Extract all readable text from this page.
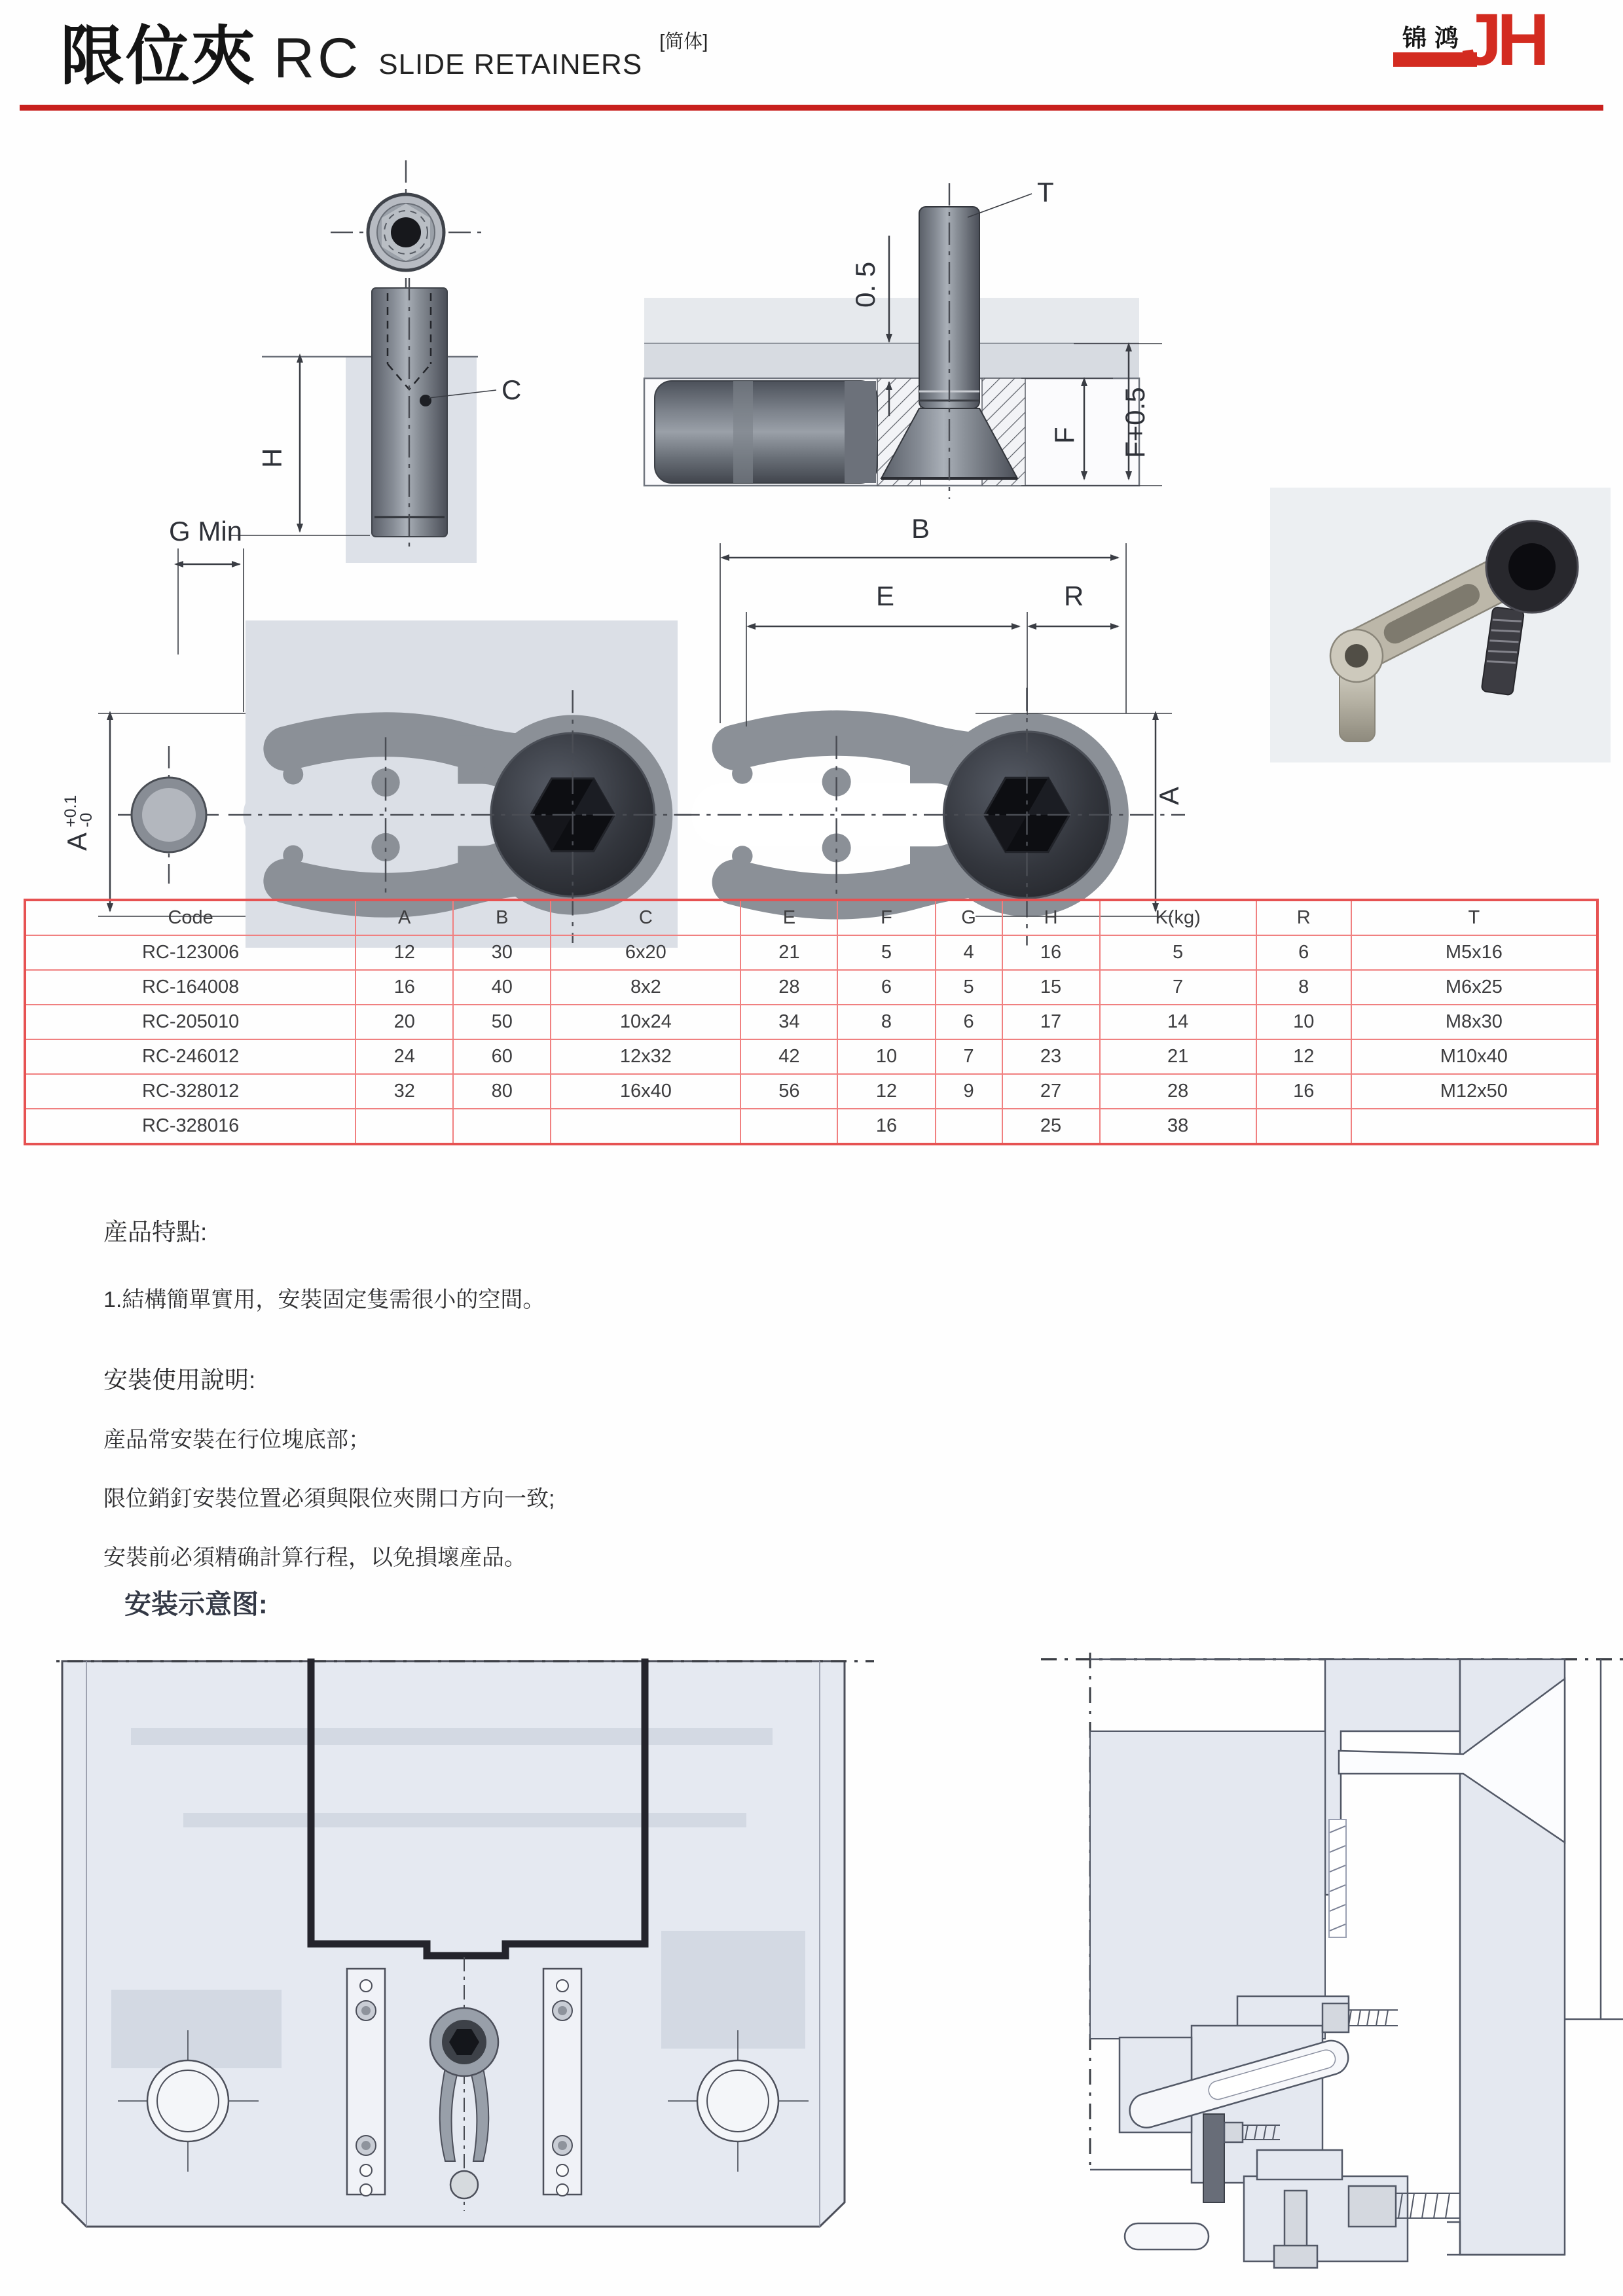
限位夾 RC SLIDE RETAINERS
[简体]	锦鸿
JH
H
C
0. 5
T
F F+0.5
G Min
A
+0.1
-0
B
E	R
A
Code	A	B	C	E	F	G	H	K(kg)	R	T
RC-123006	12	30	6x20	21	5	4	16	5	6	M5x16
RC-164008	16	40	8x2	28	6	5	15	7	8	M6x25
RC-205010	20	50	10x24	34	8	6	17	14	10	M8x30
RC-246012	24	60	12x32	42	10	7	23	21	12	M10x40
RC-328012	32	80	16x40	56	12	9	27	28	16	M12x50
RC-328016					16		25	38		
産品特點:
1.結構簡單實用，安裝固定隻需很小的空間。
安裝使用說明:
産品常安裝在行位塊底部；
限位銷釘安裝位置必須與限位夾開口方向一致;
安裝前必須精确計算行程，以免損壞産品。
安装示意图:
